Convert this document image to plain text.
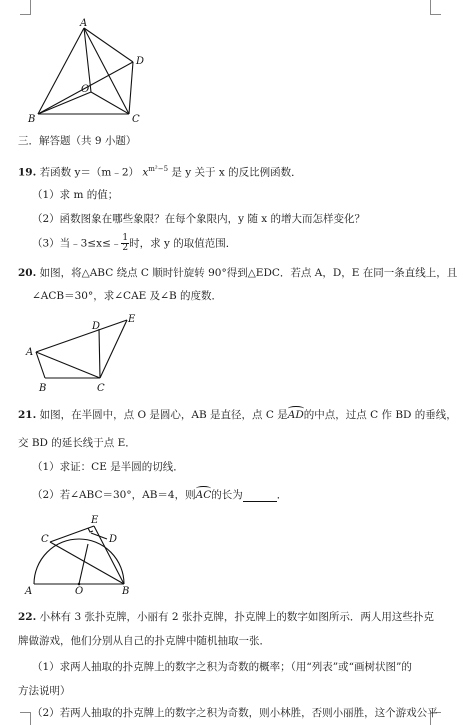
A
B	C
D
O
三．解答题（共 9 小题）
19. 若函数 y＝（m﹣2） $x^{m^2-5}$ 是 y 关于 x 的反比例函数．
（1）求 m 的值；
（2）函数图象在哪些象限？在每个象限内，y 随 x 的增大而怎样变化？
（3）当﹣3≤x≤﹣ $\frac{1}{2}$ 时，求 y 的取值范围．
20. 如图，将△ABC 绕点 C 顺时针旋转 90°得到△EDC．若点 A，D，E 在同一条直线上，且
∠ACB＝30°，求∠CAE 及∠B 的度数．
A
B	C
D
E
21. 如图，在半圆中，点 O 是圆心，AB 是直径，点 C 是AD的中点，过点 C 作 BD 的垂线，
交 BD 的延长线于点 E．
（1）求证：CE 是半圆的切线．
（2）若∠ABC＝30°，AB＝4，则AC的长为	．
A	B
C	D
E
O
22. 小林有 3 张扑克牌，小丽有 2 张扑克牌，扑克牌上的数字如图所示．两人用这些扑克
牌做游戏，他们分别从自己的扑克牌中随机抽取一张．
（1）求两人抽取的扑克牌上的数字之积为奇数的概率；（用“列表”或“画树状图”的
方法说明）
（2）若两人抽取的扑克牌上的数字之积为奇数，则小林胜，否则小丽胜，这个游戏公平
